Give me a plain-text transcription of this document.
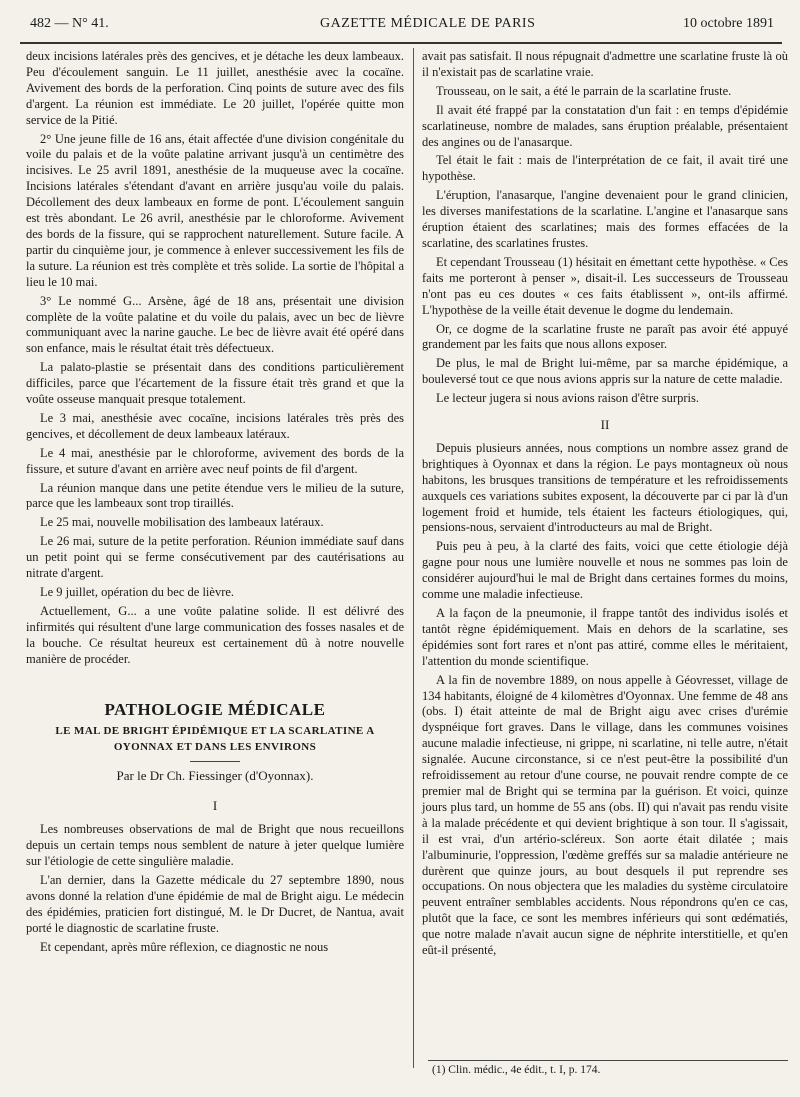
482 — N° 41.	GAZETTE MÉDICALE DE PARIS	10 octobre 1891

deux incisions latérales près des gencives, et je détache les deux lambeaux. Peu d'écoulement sanguin. Le 11 juillet, anesthésie avec la cocaïne. Avivement des bords de la perforation. Cinq points de suture avec des fils d'argent. La réunion est immédiate. Le 20 juillet, l'opérée quitte mon service de la Pitié.

2° Une jeune fille de 16 ans, était affectée d'une division congénitale du voile du palais et de la voûte palatine arrivant jusqu'à un centimètre des incisives. Le 25 avril 1891, anesthésie de la muqueuse avec la cocaïne. Incisions latérales s'étendant d'avant en arrière jusqu'au voile du palais. Décollement des deux lambeaux en forme de pont. L'écoulement sanguin est très abondant. Le 26 avril, anesthésie par le chloroforme. Avivement des bords de la fissure, qui se rapprochent naturellement. Suture facile. A partir du cinquième jour, je commence à enlever successivement les fils de la suture. La réunion est très complète et très solide. La sortie de l'hôpital a lieu le 10 mai.

3° Le nommé G... Arsène, âgé de 18 ans, présentait une division complète de la voûte palatine et du voile du palais, avec un bec de lièvre communiquant avec la narine gauche. Le bec de lièvre avait été opéré dans son enfance, mais le résultat était très défectueux.

La palato-plastie se présentait dans des conditions particulièrement difficiles, parce que l'écartement de la fissure était très grand et que la voûte osseuse manquait presque totalement.

Le 3 mai, anesthésie avec cocaïne, incisions latérales très près des gencives, et décollement de deux lambeaux latéraux.

Le 4 mai, anesthésie par le chloroforme, avivement des bords de la fissure, et suture d'avant en arrière avec neuf points de fil d'argent.

La réunion manque dans une petite étendue vers le milieu de la suture, parce que les lambeaux sont trop tiraillés.

Le 25 mai, nouvelle mobilisation des lambeaux latéraux.

Le 26 mai, suture de la petite perforation. Réunion immédiate sauf dans un petit point qui se ferme consécutivement par des cautérisations au nitrate d'argent.

Le 9 juillet, opération du bec de lièvre.

Actuellement, G... a une voûte palatine solide. Il est délivré des infirmités qui résultent d'une large communication des fosses nasales et de la bouche. Ce résultat heureux est certainement dû à notre nouvelle manière de procéder.

PATHOLOGIE MÉDICALE
LE MAL DE BRIGHT ÉPIDÉMIQUE ET LA SCARLATINE A OYONNAX ET DANS LES ENVIRONS
Par le Dr Ch. Fiessinger (d'Oyonnax).
I

Les nombreuses observations de mal de Bright que nous recueillons depuis un certain temps nous semblent de nature à jeter quelque lumière sur l'étiologie de cette singulière maladie.

L'an dernier, dans la Gazette médicale du 27 septembre 1890, nous avons donné la relation d'une épidémie de mal de Bright aigu. Le médecin des épidémies, praticien fort distingué, M. le Dr Ducret, de Nantua, avait porté le diagnostic de scarlatine fruste.

Et cependant, après mûre réflexion, ce diagnostic ne nous

avait pas satisfait. Il nous répugnait d'admettre une scarlatine fruste là où il n'existait pas de scarlatine vraie.

Trousseau, on le sait, a été le parrain de la scarlatine fruste.

Il avait été frappé par la constatation d'un fait : en temps d'épidémie scarlatineuse, nombre de malades, sans éruption préalable, présentaient des angines ou de l'anasarque.

Tel était le fait : mais de l'interprétation de ce fait, il avait tiré une hypothèse.

L'éruption, l'anasarque, l'angine devenaient pour le grand clinicien, les diverses manifestations de la scarlatine. L'angine et l'anasarque sans éruption étaient des scarlatines; mais des formes effacées de la scarlatine, des scarlatines frustes.

Et cependant Trousseau (1) hésitait en émettant cette hypothèse. « Ces faits me porteront à penser », disait-il. Les successeurs de Trousseau n'ont pas eu ces doutes « ces faits établissent », ont-ils affirmé. L'hypothèse de la veille était devenue le dogme du lendemain.

Or, ce dogme de la scarlatine fruste ne paraît pas avoir été appuyé grandement par les faits que nous allons exposer.

De plus, le mal de Bright lui-même, par sa marche épidémique, a bouleversé tout ce que nous avions appris sur la nature de cette maladie.

Le lecteur jugera si nous avions raison d'être surpris.

II

Depuis plusieurs années, nous comptions un nombre assez grand de brightiques à Oyonnax et dans la région. Le pays montagneux où nous habitons, les brusques transitions de température et les refroidissements auxquels ces variations subites exposent, la découverte par ci par là d'un logement froid et humide, tels étaient les facteurs étiologiques, qui, pensions-nous, servaient d'introducteurs au mal de Bright.

Puis peu à peu, à la clarté des faits, voici que cette étiologie déjà gagne pour nous une lumière nouvelle et nous ne sommes pas loin de considérer aujourd'hui le mal de Bright dans certaines formes du moins, comme une maladie infectieuse.

A la façon de la pneumonie, il frappe tantôt des individus isolés et tantôt règne épidémiquement. Mais en dehors de la scarlatine, ses épidémies sont fort rares et n'ont pas attiré, comme elles le méritaient, l'attention du monde scientifique.

A la fin de novembre 1889, on nous appelle à Géovresset, village de 134 habitants, éloigné de 4 kilomètres d'Oyonnax. Une femme de 48 ans (obs. I) était atteinte de mal de Bright aigu avec crises d'urémie dyspnéique fort graves. Dans le village, dans les communes voisines aucune maladie infectieuse, ni grippe, ni scarlatine, ni telle autre, n'était signalée. Aucune circonstance, si ce n'est peut-être la possibilité d'un refroidissement au retour d'une course, ne pouvait rendre compte de ce premier mal de Bright qui se termina par la guérison. Et voici, quinze jours plus tard, un homme de 55 ans (obs. II) qui n'avait pas rendu visite à la malade précédente et qui devient brightique à son tour. Il s'agissait, il est vrai, d'un artério-scléreux. Son aorte était dilatée ; mais l'albuminurie, l'oppression, l'œdème greffés sur sa maladie antérieure ne durèrent que quinze jours, au bout desquels il put reprendre ses occupations. On nous objectera que les maladies du système circulatoire peuvent entraîner semblables accidents. Nous répondrons qu'en ce cas, plutôt que la face, ce sont les membres inférieurs qui sont œdématiés, que notre malade n'avait aucun signe de néphrite interstitielle, et qu'en eût-il présenté,

(1) Clin. médic., 4e édit., t. I, p. 174.
